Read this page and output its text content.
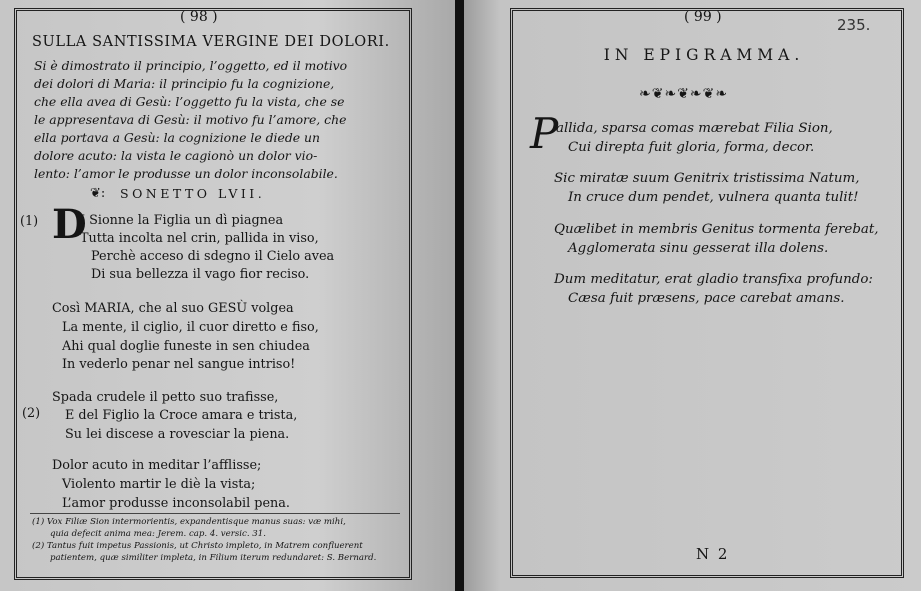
( 98 )
SULLA SANTISSIMA VERGINE DEI DOLORI.
Si è dimostrato il principio, l’oggetto, ed il motivo
dei dolori di Maria: il principio fu la cognizione,
che ella avea di Gesù: l’oggetto fu la vista, che se
le appresentava di Gesù: il motivo fu l’amore, che
ella portava a Gesù: la cognizione le diede un
dolore acuto: la vista le cagionò un dolor vio-
lento: l’amor le produsse un dolor inconsolabile.
❦: SONETTO LVII.
(1) D
I Sionne la Figlia un dì piagnea
Tutta incolta nel crin, pallida in viso,
Perchè acceso di sdegno il Cielo avea
Di sua bellezza il vago fior reciso.
Così MARIA, che al suo GESÙ volgea
La mente, il ciglio, il cuor diretto e fiso,
Ahi qual doglie funeste in sen chiudea
In vederlo penar nel sangue intriso!
Spada crudele il petto suo trafisse,
(2) E del Figlio la Croce amara e trista,
Su lei discese a rovesciar la piena.
Dolor acuto in meditar l’afflisse;
Violento martir le diè la vista;
L’amor produsse inconsolabil pena.
(1) Vox Filiæ Sion intermorientis, expandentisque manus suas: væ mihi,
quia defecit anima mea: Jerem. cap. 4. versic. 31.
(2) Tantus fuit impetus Passionis, ut Christo impleto, in Matrem confluerent
patientem, quæ similiter impleta, in Filium iterum redundaret: S. Bernard.
( 99 )	235.
IN EPIGRAMMA.
❧❦❧❦❧❦❧
P
allida, sparsa comas mærebat Filia Sion,
Cui direpta fuit gloria, forma, decor.
Sic miratæ suum Genitrix tristissima Natum,
In cruce dum pendet, vulnera quanta tulit!
Quælibet in membris Genitus tormenta ferebat,
Agglomerata sinu gesserat illa dolens.
Dum meditatur, erat gladio transfixa profundo:
Cæsa fuit præsens, pace carebat amans.
N 2
